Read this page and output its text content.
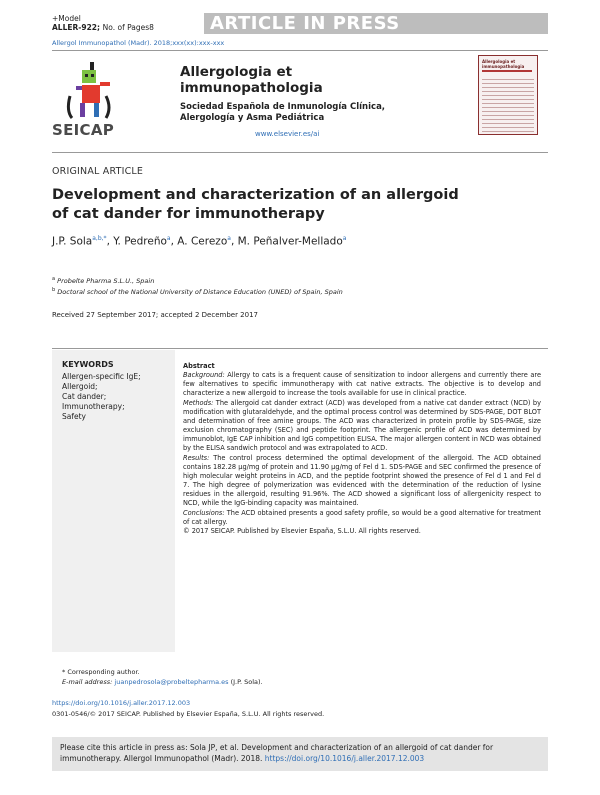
+Model
ALLER-922; No. of Pages8	ARTICLE IN PRESS
Allergol Immunopathol (Madr). 2018;xxx(xx):xxx-xxx
SEICAP
Allergologia et
immunopathologia
Sociedad Española de Inmunología Clínica,
Alergología y Asma Pediátrica
www.elsevier.es/ai
Allergologia et immunopathologia
ORIGINAL ARTICLE
Development and characterization of an allergoid
of cat dander for immunotherapy
J.P. Sola$^{a,b,*}$, Y. Pedreño$^a$, A. Cerezo$^a$, M. Peñalver-Mellado$^a$
$^a$ Probelte Pharma S.L.U., Spain
$^b$ Doctoral school of the National University of Distance Education (UNED) of Spain, Spain
Received 27 September 2017; accepted 2 December 2017
KEYWORDS
Allergen-specific IgE;
Allergoid;
Cat dander;
Immunotherapy;
Safety

Abstract

Background: Allergy to cats is a frequent cause of sensitization to indoor allergens and currently there are few alternatives to specific immunotherapy with cat native extracts. The objective is to develop and characterize a new allergoid to increase the tools available for use in clinical practice.

Methods: The allergoid cat dander extract (ACD) was developed from a native cat dander extract (NCD) by modification with glutaraldehyde, and the optimal process control was determined by SDS-PAGE, DOT BLOT and determination of free amine groups. The ACD was characterized in protein profile by SDS-PAGE, size exclusion chromatography (SEC) and peptide footprint. The allergenic profile of ACD was determined by immunoblot, IgE CAP inhibition and IgG competition ELISA. The major allergen content in NCD was obtained by the ELISA sandwich protocol and was extrapolated to ACD.

Results: The control process determined the optimal development of the allergoid. The ACD obtained contains 182.28 μg/mg of protein and 11.90 μg/mg of Fel d 1. SDS-PAGE and SEC confirmed the presence of high molecular weight proteins in ACD, and the peptide footprint showed the presence of Fel d 1 and Fel d 7. The high degree of polymerization was evidenced with the determination of the reduction of lysine residues in the allergoid, resulting 91.96%. The ACD showed a significant loss of allergenicity respect to NCD, while the IgG-binding capacity was maintained.

Conclusions: The ACD obtained presents a good safety profile, so would be a good alternative for treatment of cat allergy.

© 2017 SEICAP. Published by Elsevier España, S.L.U. All rights reserved.

* Corresponding author.
E-mail address: juanpedrosola@probeltepharma.es (J.P. Sola).
https://doi.org/10.1016/j.aller.2017.12.003
0301-0546/© 2017 SEICAP. Published by Elsevier España, S.L.U. All rights reserved.
Please cite this article in press as: Sola JP, et al. Development and characterization of an allergoid of cat dander for immunotherapy. Allergol Immunopathol (Madr). 2018. https://doi.org/10.1016/j.aller.2017.12.003
